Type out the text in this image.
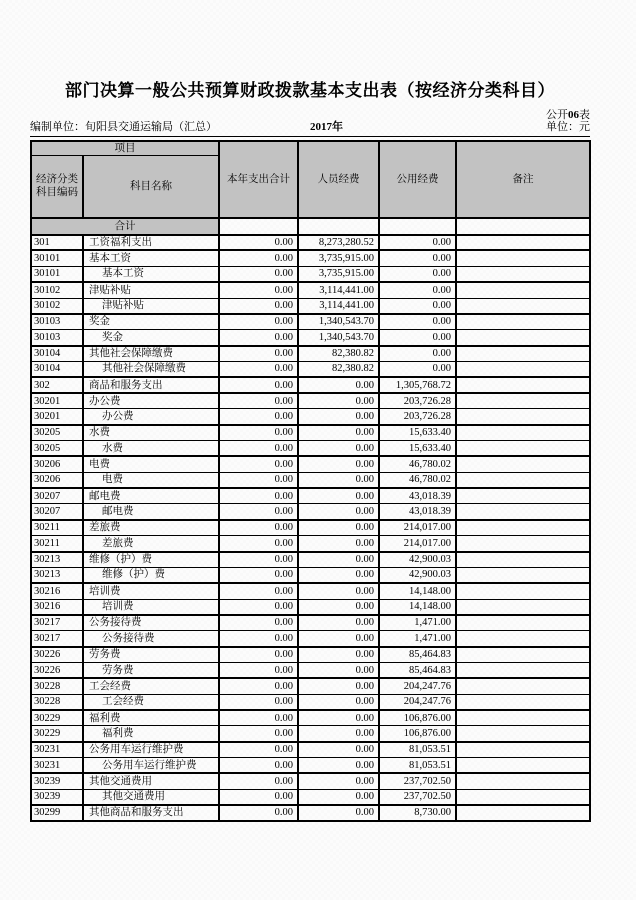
部门决算一般公共预算财政拨款基本支出表（按经济分类科目）
公开06表
编制单位：旬阳县交通运输局（汇总）	2017年	单位：元
项目		本年支出合计	人员经费	公用经费	备注
经济分类
科目编码	科目名称				
合计					
301	工资福利支出	0.00	8,273,280.52	0.00	
30101	基本工资	0.00	3,735,915.00	0.00	
30101	基本工资	0.00	3,735,915.00	0.00	
30102	津贴补贴	0.00	3,114,441.00	0.00	
30102	津贴补贴	0.00	3,114,441.00	0.00	
30103	奖金	0.00	1,340,543.70	0.00	
30103	奖金	0.00	1,340,543.70	0.00	
30104	其他社会保障缴费	0.00	82,380.82	0.00	
30104	其他社会保障缴费	0.00	82,380.82	0.00	
302	商品和服务支出	0.00	0.00	1,305,768.72	
30201	办公费	0.00	0.00	203,726.28	
30201	办公费	0.00	0.00	203,726.28	
30205	水费	0.00	0.00	15,633.40	
30205	水费	0.00	0.00	15,633.40	
30206	电费	0.00	0.00	46,780.02	
30206	电费	0.00	0.00	46,780.02	
30207	邮电费	0.00	0.00	43,018.39	
30207	邮电费	0.00	0.00	43,018.39	
30211	差旅费	0.00	0.00	214,017.00	
30211	差旅费	0.00	0.00	214,017.00	
30213	维修（护）费	0.00	0.00	42,900.03	
30213	维修（护）费	0.00	0.00	42,900.03	
30216	培训费	0.00	0.00	14,148.00	
30216	培训费	0.00	0.00	14,148.00	
30217	公务接待费	0.00	0.00	1,471.00	
30217	公务接待费	0.00	0.00	1,471.00	
30226	劳务费	0.00	0.00	85,464.83	
30226	劳务费	0.00	0.00	85,464.83	
30228	工会经费	0.00	0.00	204,247.76	
30228	工会经费	0.00	0.00	204,247.76	
30229	福利费	0.00	0.00	106,876.00	
30229	福利费	0.00	0.00	106,876.00	
30231	公务用车运行维护费	0.00	0.00	81,053.51	
30231	公务用车运行维护费	0.00	0.00	81,053.51	
30239	其他交通费用	0.00	0.00	237,702.50	
30239	其他交通费用	0.00	0.00	237,702.50	
30299	其他商品和服务支出	0.00	0.00	8,730.00	
